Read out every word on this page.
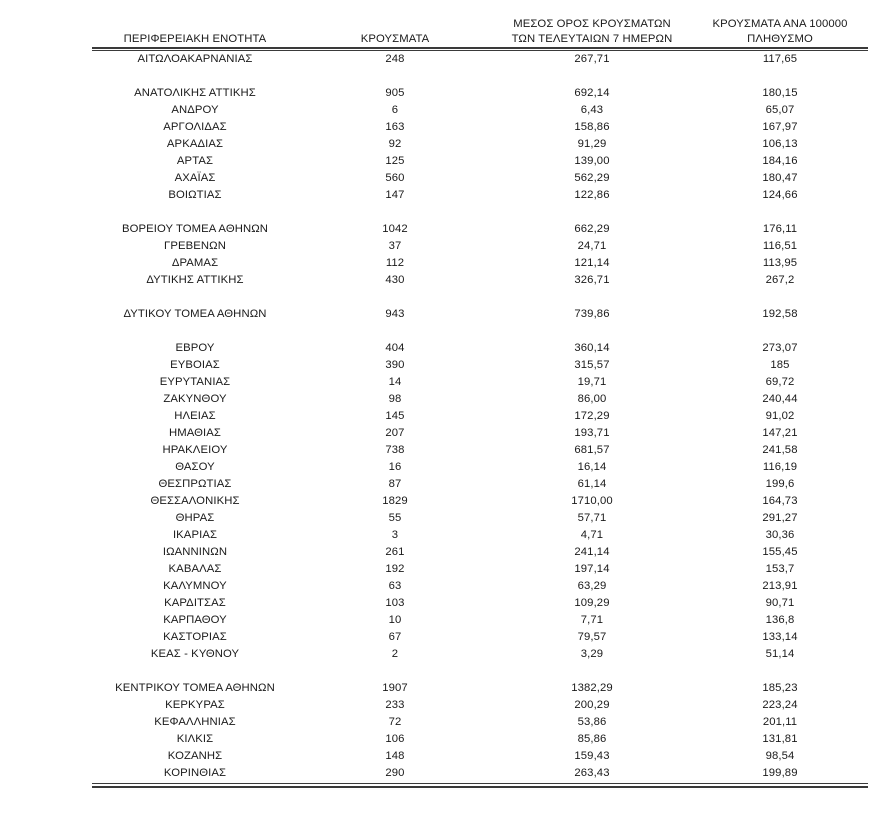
ΠΕΡΙΦΕΡΕΙΑΚΗ ΕΝΟΤΗΤΑ	ΚΡΟΥΣΜΑΤΑ	ΜΕΣΟΣ ΟΡΟΣ ΚΡΟΥΣΜΑΤΩΝ
ΤΩΝ ΤΕΛΕΥΤΑΙΩΝ 7 ΗΜΕΡΩΝ	ΚΡΟΥΣΜΑΤΑ ΑΝΑ 100000
ΠΛΗΘΥΣΜΟ

ΑΙΤΩΛΟΑΚΑΡΝΑΝΙΑΣ	248	267,71	117,65

ΑΝΑΤΟΛΙΚΗΣ ΑΤΤΙΚΗΣ	905	692,14	180,15
ΑΝΔΡΟΥ	6	6,43	65,07
ΑΡΓΟΛΙΔΑΣ	163	158,86	167,97
ΑΡΚΑΔΙΑΣ	92	91,29	106,13
ΑΡΤΑΣ	125	139,00	184,16
ΑΧΑΪΑΣ	560	562,29	180,47
ΒΟΙΩΤΙΑΣ	147	122,86	124,66

ΒΟΡΕΙΟΥ ΤΟΜΕΑ ΑΘΗΝΩΝ	1042	662,29	176,11
ΓΡΕΒΕΝΩΝ	37	24,71	116,51
ΔΡΑΜΑΣ	112	121,14	113,95
ΔΥΤΙΚΗΣ ΑΤΤΙΚΗΣ	430	326,71	267,2

ΔΥΤΙΚΟΥ ΤΟΜΕΑ ΑΘΗΝΩΝ	943	739,86	192,58

ΕΒΡΟΥ	404	360,14	273,07
ΕΥΒΟΙΑΣ	390	315,57	185
ΕΥΡΥΤΑΝΙΑΣ	14	19,71	69,72
ΖΑΚΥΝΘΟΥ	98	86,00	240,44
ΗΛΕΙΑΣ	145	172,29	91,02
ΗΜΑΘΙΑΣ	207	193,71	147,21
ΗΡΑΚΛΕΙΟΥ	738	681,57	241,58
ΘΑΣΟΥ	16	16,14	116,19
ΘΕΣΠΡΩΤΙΑΣ	87	61,14	199,6
ΘΕΣΣΑΛΟΝΙΚΗΣ	1829	1710,00	164,73
ΘΗΡΑΣ	55	57,71	291,27
ΙΚΑΡΙΑΣ	3	4,71	30,36
ΙΩΑΝΝΙΝΩΝ	261	241,14	155,45
ΚΑΒΑΛΑΣ	192	197,14	153,7
ΚΑΛΥΜΝΟΥ	63	63,29	213,91
ΚΑΡΔΙΤΣΑΣ	103	109,29	90,71
ΚΑΡΠΑΘΟΥ	10	7,71	136,8
ΚΑΣΤΟΡΙΑΣ	67	79,57	133,14
ΚΕΑΣ - ΚΥΘΝΟΥ	2	3,29	51,14

ΚΕΝΤΡΙΚΟΥ ΤΟΜΕΑ ΑΘΗΝΩΝ	1907	1382,29	185,23
ΚΕΡΚΥΡΑΣ	233	200,29	223,24
ΚΕΦΑΛΛΗΝΙΑΣ	72	53,86	201,11
ΚΙΛΚΙΣ	106	85,86	131,81
ΚΟΖΑΝΗΣ	148	159,43	98,54
ΚΟΡΙΝΘΙΑΣ	290	263,43	199,89
